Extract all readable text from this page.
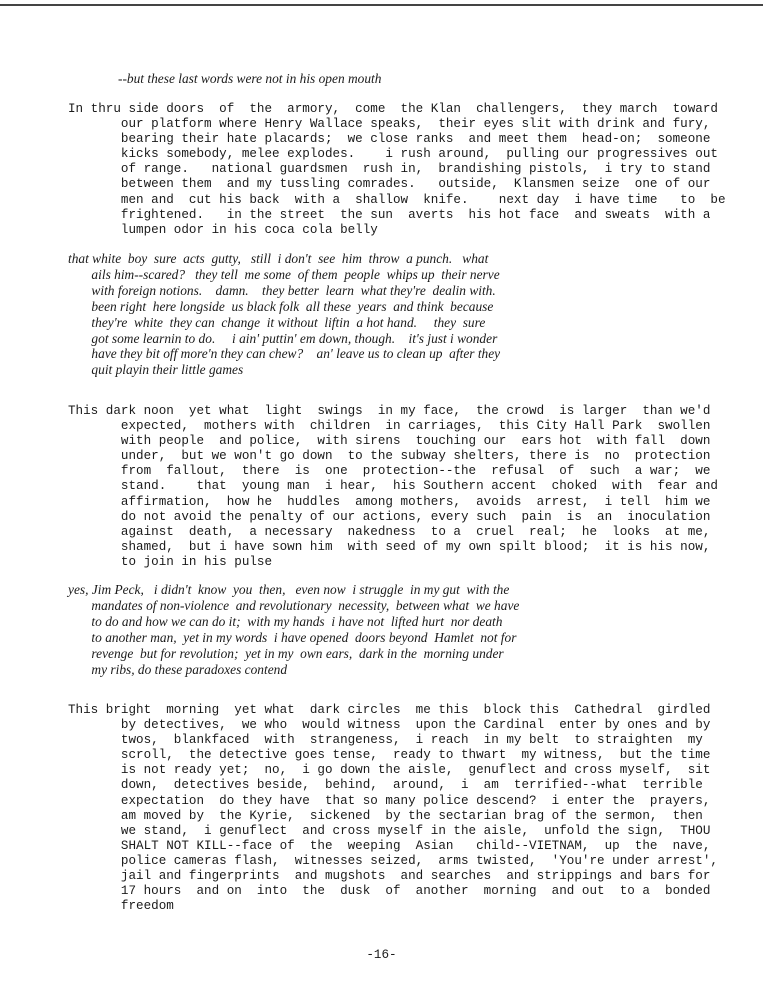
--but these last words were not in his open mouth
In thru side doors  of  the  armory,  come  the Klan  challengers,  they march  toward
our platform where Henry Wallace speaks,  their eyes slit with drink and fury,
bearing their hate placards;  we close ranks  and meet them  head-on;  someone
kicks somebody, melee explodes.    i rush around,  pulling our progressives out
of range.   national guardsmen  rush in,  brandishing pistols,  i try to stand
between them  and my tussling comrades.   outside,  Klansmen seize  one of our
men and  cut his back  with a  shallow  knife.    next day  i have time   to  be
frightened.   in the street  the sun  averts  his hot face  and sweats  with a
lumpen odor in his coca cola belly
that white  boy  sure  acts  gutty,   still  i don't  see  him  throw  a punch.   what
ails him--scared?   they tell  me some  of them  people  whips up  their nerve
with foreign notions.    damn.    they better  learn  what they're  dealin with.
been right  here longside  us black folk  all these  years  and think  because
they're  white  they can  change  it without  liftin  a hot hand.     they  sure
got some learnin to do.     i ain' puttin' em down, though.    it's just i wonder
have they bit off more'n they can chew?    an' leave us to clean up  after they
quit playin their little games
This dark noon  yet what  light  swings  in my face,  the crowd  is larger  than we'd
expected,  mothers with  children  in carriages,  this City Hall Park  swollen
with people  and police,  with sirens  touching our  ears hot  with fall  down
under,  but we won't go down  to the subway shelters, there is  no  protection
from  fallout,  there  is  one  protection--the  refusal  of  such  a war;  we
stand.    that  young man  i hear,  his Southern accent  choked  with  fear and
affirmation,  how he  huddles  among mothers,  avoids  arrest,  i tell  him we
do not avoid the penalty of our actions, every such  pain  is  an  inoculation
against  death,  a necessary  nakedness  to a  cruel  real;  he  looks  at me,
shamed,  but i have sown him  with seed of my own spilt blood;  it is his now,
to join in his pulse
yes, Jim Peck,   i didn't  know  you  then,   even now  i struggle  in my gut  with the
mandates of non-violence  and revolutionary  necessity,  between what  we have
to do and how we can do it;  with my hands  i have not  lifted hurt  nor death
to another man,  yet in my words  i have opened  doors beyond  Hamlet  not for
revenge  but for revolution;  yet in my  own ears,  dark in the  morning under
my ribs, do these paradoxes contend
This bright  morning  yet what  dark circles  me this  block this  Cathedral  girdled
by detectives,  we who  would witness  upon the Cardinal  enter by ones and by
twos,  blankfaced  with  strangeness,  i reach  in my belt  to straighten  my
scroll,  the detective goes tense,  ready to thwart  my witness,  but the time
is not ready yet;  no,  i go down the aisle,  genuflect and cross myself,  sit
down,  detectives beside,  behind,  around,  i  am  terrified--what  terrible
expectation  do they have  that so many police descend?  i enter the  prayers,
am moved by  the Kyrie,  sickened  by the sectarian brag of the sermon,  then
we stand,  i genuflect  and cross myself in the aisle,  unfold the sign,  THOU
SHALT NOT KILL--face of  the  weeping  Asian   child--VIETNAM,  up  the  nave,
police cameras flash,  witnesses seized,  arms twisted,  'You're under arrest',
jail and fingerprints  and mugshots  and searches  and strippings and bars for
17 hours  and on  into  the  dusk  of  another  morning  and out  to a  bonded
freedom
-16-
